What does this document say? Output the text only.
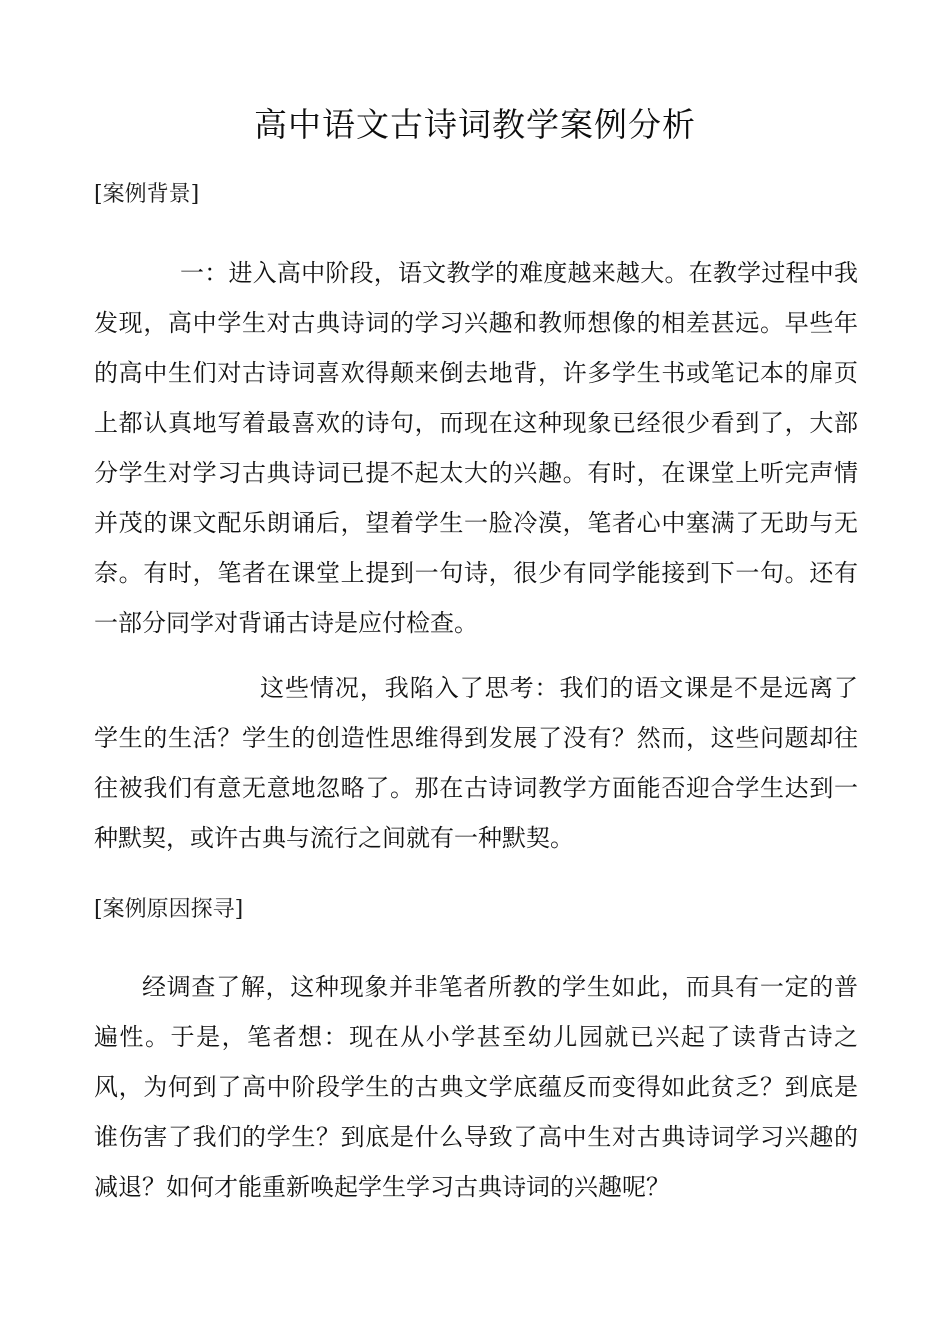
高中语文古诗词教学案例分析

[案例背景]

一：进入高中阶段，语文教学的难度越来越大。在教学过程中我发现，高中学生对古典诗词的学习兴趣和教师想像的相差甚远。早些年的高中生们对古诗词喜欢得颠来倒去地背，许多学生书或笔记本的扉页上都认真地写着最喜欢的诗句，而现在这种现象已经很少看到了，大部分学生对学习古典诗词已提不起太大的兴趣。有时，在课堂上听完声情并茂的课文配乐朗诵后，望着学生一脸冷漠，笔者心中塞满了无助与无奈。有时，笔者在课堂上提到一句诗，很少有同学能接到下一句。还有一部分同学对背诵古诗是应付检查。

这些情况，我陷入了思考：我们的语文课是不是远离了学生的生活？学生的创造性思维得到发展了没有？然而，这些问题却往往被我们有意无意地忽略了。那在古诗词教学方面能否迎合学生达到一种默契，或许古典与流行之间就有一种默契。

[案例原因探寻]

经调查了解，这种现象并非笔者所教的学生如此，而具有一定的普遍性。于是，笔者想：现在从小学甚至幼儿园就已兴起了读背古诗之风，为何到了高中阶段学生的古典文学底蕴反而变得如此贫乏？到底是谁伤害了我们的学生？到底是什么导致了高中生对古典诗词学习兴趣的减退？如何才能重新唤起学生学习古典诗词的兴趣呢？
